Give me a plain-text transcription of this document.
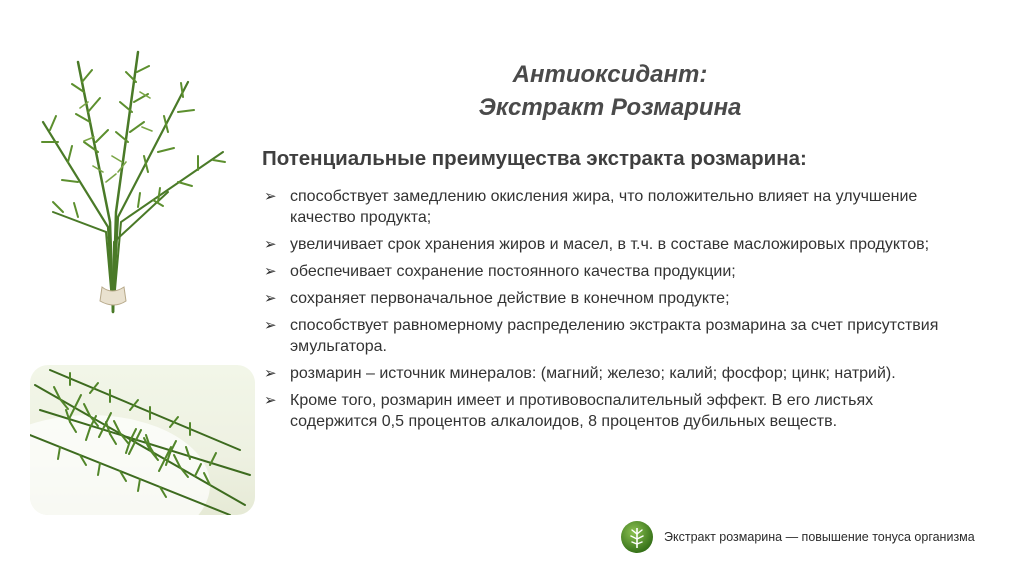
Антиоксидант:
Экстракт Розмарина
Потенциальные преимущества экстракта розмарина:
➢ способствует замедлению окисления жира, что положительно влияет на улучшение качество продукта;
➢ увеличивает срок хранения жиров и масел, в т.ч. в составе масложировых продуктов;
➢ обеспечивает сохранение постоянного качества продукции;
➢ сохраняет первоначальное действие в конечном продукте;
➢ способствует равномерному распределению экстракта розмарина за счет присутствия эмульгатора.
➢ розмарин – источник минералов: (магний; железо; калий; фосфор; цинк; натрий).
➢ Кроме того, розмарин имеет и противовоспалительный эффект. В его листьях содержится 0,5 процентов алкалоидов, 8 процентов дубильных веществ.
Экстракт розмарина — повышение тонуса организма
